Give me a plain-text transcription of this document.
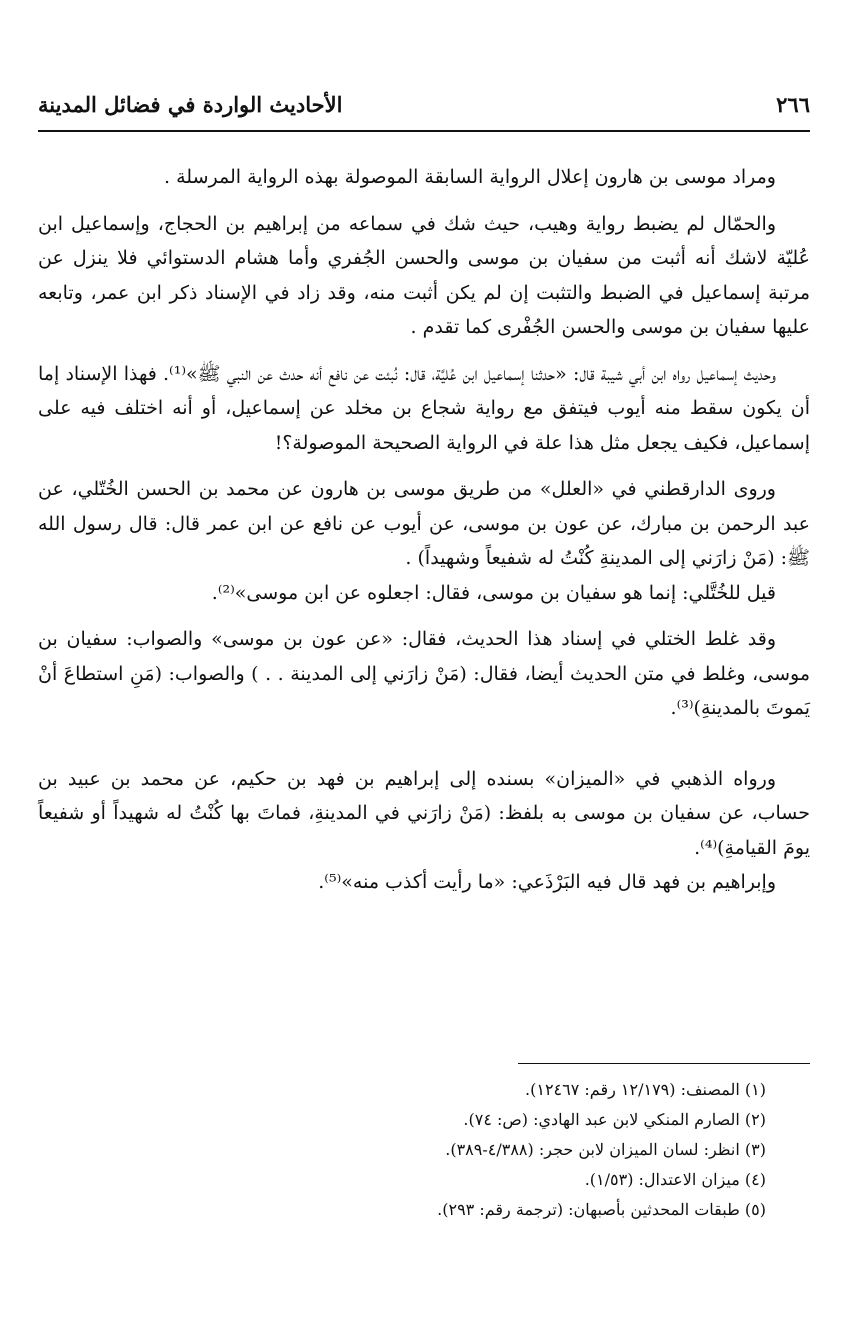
٢٦٦
الأحاديث الواردة في فضائل المدينة

ومراد موسى بن هارون إعلال الرواية السابقة الموصولة بهذه الرواية المرسلة .

والحمّال لم يضبط رواية وهيب، حيث شك في سماعه من إبراهيم بن الحجاج، وإسماعيل ابن عُليّة لاشك أنه أثبت من سفيان بن موسى والحسن الجُفري وأما هشام الدستوائي فلا ينزل عن مرتبة إسماعيل في الضبط والتثبت إن لم يكن أثبت منه، وقد زاد في الإسناد ذكر ابن عمر، وتابعه عليها سفيان بن موسى والحسن الجُفْرى كما تقدم .

وحديث إسماعيل رواه ابن أبي شيبة قال: «حدثنا إسماعيل ابن عُليَّة، قال: نُبئت عن نافع أنه حدث عن النبي ﷺ»⁽¹⁾. فهذا الإسناد إما أن يكون سقط منه أيوب فيتفق مع رواية شجاع بن مخلد عن إسماعيل، أو أنه اختلف فيه على إسماعيل، فكيف يجعل مثل هذا علة في الرواية الصحيحة الموصولة؟!

وروى الدارقطني في «العلل» من طريق موسى بن هارون عن محمد بن الحسن الخُتّلي، عن عبد الرحمن بن مبارك، عن عون بن موسى، عن أيوب عن نافع عن ابن عمر قال: قال رسول الله ﷺ: (مَنْ زارَني إلى المدينةِ كُنْتُ له شفيعاً وشهيداً) .

قيل للخُتَّلي: إنما هو سفيان بن موسى، فقال: اجعلوه عن ابن موسى»⁽²⁾.

وقد غلط الختلي في إسناد هذا الحديث، فقال: «عن عون بن موسى» والصواب: سفيان بن موسى، وغلط في متن الحديث أيضا، فقال: (مَنْ زارَني إلى المدينة . . ) والصواب: (مَنِ استطاعَ أنْ يَموتَ بالمدينةِ)⁽³⁾.

ورواه الذهبي في «الميزان» بسنده إلى إبراهيم بن فهد بن حكيم، عن محمد بن عبيد بن حساب، عن سفيان بن موسى به بلفظ: (مَنْ زارَني في المدينةِ، فماتَ بها كُنْتُ له شهيداً أو شفيعاً يومَ القيامةِ)⁽⁴⁾.

وإبراهيم بن فهد قال فيه البَرْذَعي: «ما رأيت أكذب منه»⁽⁵⁾.

(١) المصنف: (١٢/١٧٩ رقم: ١٢٤٦٧).

(٢) الصارم المنكي لابن عبد الهادي: (ص: ٧٤).

(٣) انظر: لسان الميزان لابن حجر: (٤/٣٨٨-٣٨٩).

(٤) ميزان الاعتدال: (١/٥٣).

(٥) طبقات المحدثين بأصبهان: (ترجمة رقم: ٢٩٣).
